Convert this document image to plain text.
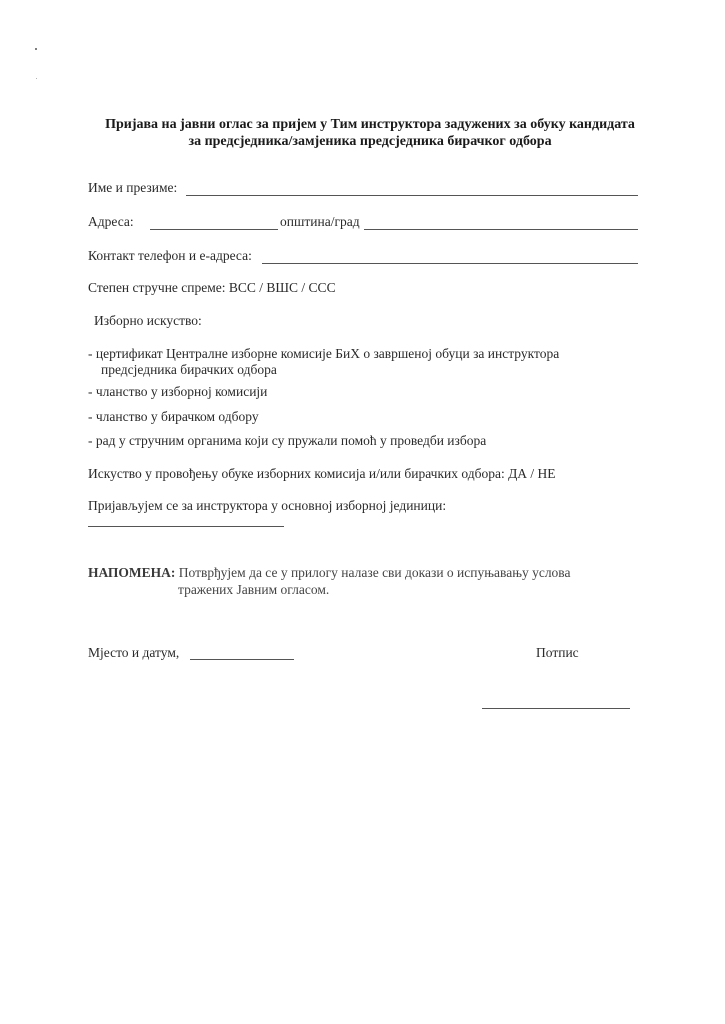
Пријава на јавни оглас за пријем у Тим инструктора задужених за обуку кандидата
за предсједника/замјеника предсједника бирачког одбора
Име и презиме:
Адреса:	општина/град
Контакт телефон и е-адреса:
Степен стручне спреме: ВСС / ВШС / ССС
Изборно искуство:
- цертификат Централне изборне комисије БиХ о завршеној обуци за инструктора
предсједника бирачких одбора
- чланство у изборној комисији
- чланство у бирачком одбору
- рад у стручним органима који су пружали помоћ у проведби избора
Искуство у провођењу обуке изборних комисија и/или бирачких одбора: ДА / НЕ
Пријављујем се за инструктора у основној изборној јединици:
НАПОМЕНА: Потврђујем да се у прилогу налазе сви докази о испуњавању услова
тражених Јавним огласом.
Мјесто и датум,	Потпис
